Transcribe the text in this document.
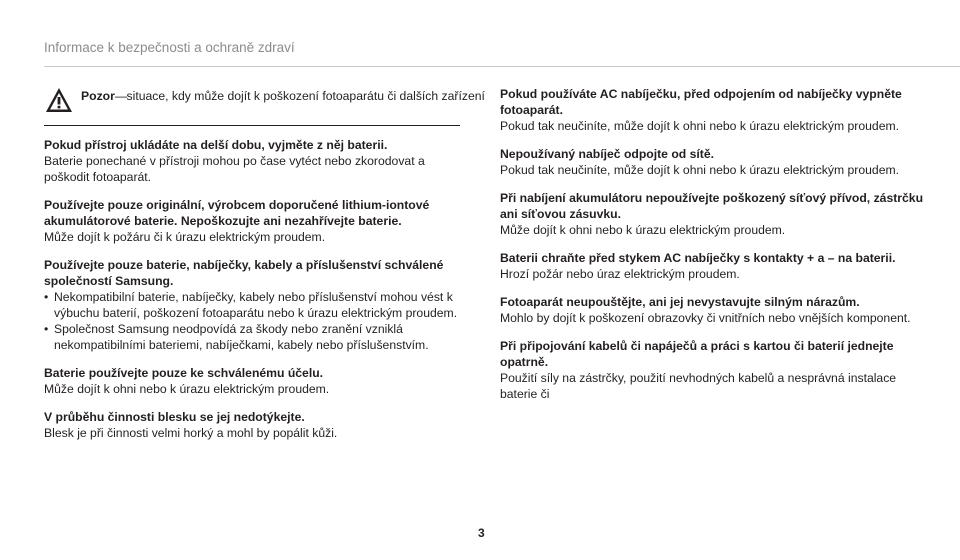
Informace k bezpečnosti a ochraně zdraví
Pozor—situace, kdy může dojít k poškození fotoaparátu či dalších zařízení
Pokud přístroj ukládáte na delší dobu, vyjměte z něj baterii.
Baterie ponechané v přístroji mohou po čase vytéct nebo zkorodovat a poškodit fotoaparát.
Používejte pouze originální, výrobcem doporučené lithium-iontové akumulátorové baterie. Nepoškozujte ani nezahřívejte baterie.
Může dojít k požáru či k úrazu elektrickým proudem.
Používejte pouze baterie, nabíječky, kabely a příslušenství schválené společností Samsung.
• Nekompatibilní baterie, nabíječky, kabely nebo příslušenství mohou vést k výbuchu baterií, poškození fotoaparátu nebo k úrazu elektrickým proudem.
• Společnost Samsung neodpovídá za škody nebo zranění vzniklá nekompatibilními bateriemi, nabíječkami, kabely nebo příslušenstvím.
Baterie používejte pouze ke schválenému účelu.
Může dojít k ohni nebo k úrazu elektrickým proudem.
V průběhu činnosti blesku se jej nedotýkejte.
Blesk je při činnosti velmi horký a mohl by popálit kůži.
Pokud používáte AC nabíječku, před odpojením od nabíječky vypněte fotoaparát.
Pokud tak neučiníte, může dojít k ohni nebo k úrazu elektrickým proudem.
Nepoužívaný nabíječ odpojte od sítě.
Pokud tak neučiníte, může dojít k ohni nebo k úrazu elektrickým proudem.
Při nabíjení akumulátoru nepoužívejte poškozený síťový přívod, zástrčku ani síťovou zásuvku.
Může dojít k ohni nebo k úrazu elektrickým proudem.
Baterii chraňte před stykem AC nabíječky s kontakty + a – na baterii.
Hrozí požár nebo úraz elektrickým proudem.
Fotoaparát neupouštějte, ani jej nevystavujte silným nárazům.
Mohlo by dojít k poškození obrazovky či vnitřních nebo vnějších komponent.
Při připojování kabelů či napáječů a práci s kartou či baterií jednejte opatrně.
Použití síly na zástrčky, použití nevhodných kabelů a nesprávná instalace baterie či
3
